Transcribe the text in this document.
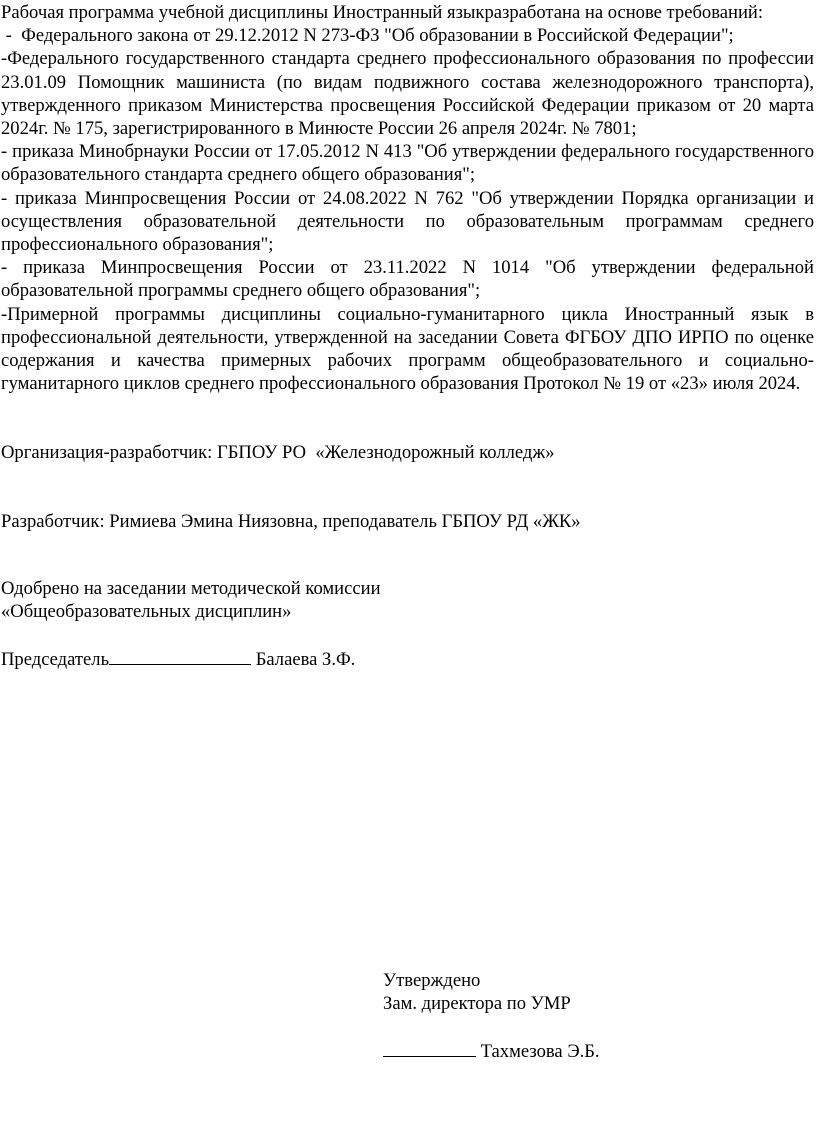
Рабочая программа учебной дисциплины Иностранный языкразработана на основе требований:

-  Федерального закона от 29.12.2012 N 273-ФЗ "Об образовании в Российской Федерации";

-Федерального государственного стандарта среднего профессионального образования по профессии 23.01.09 Помощник машиниста (по видам подвижного состава железнодорожного транспорта), утвержденного приказом Министерства просвещения Российской Федерации приказом от 20 марта 2024г. № 175, зарегистрированного в Минюсте России 26 апреля 2024г. № 7801;

- приказа Минобрнауки России от 17.05.2012 N 413 "Об утверждении федерального государственного образовательного стандарта среднего общего образования";

- приказа Минпросвещения России от 24.08.2022 N 762 "Об утверждении Порядка организации и осуществления образовательной деятельности по образовательным программам среднего профессионального образования";

- приказа Минпросвещения России от 23.11.2022 N 1014 "Об утверждении федеральной образовательной программы среднего общего образования";

-Примерной программы дисциплины социально-гуманитарного цикла Иностранный язык в профессиональной деятельности, утвержденной на заседании Совета ФГБОУ ДПО ИРПО по оценке содержания и качества примерных рабочих программ общеобразовательного и социально-гуманитарного циклов среднего профессионального образования Протокол № 19 от «23» июля 2024.

Организация-разработчик: ГБПОУ РО  «Железнодорожный колледж»

Разработчик: Римиева Эмина Ниязовна, преподаватель ГБПОУ РД «ЖК»

Одобрено на заседании методической комиссии

«Общеобразовательных дисциплин»

Председатель	Балаева З.Ф.

Утверждено

Зам. директора по УМР

Тахмезова Э.Б.
